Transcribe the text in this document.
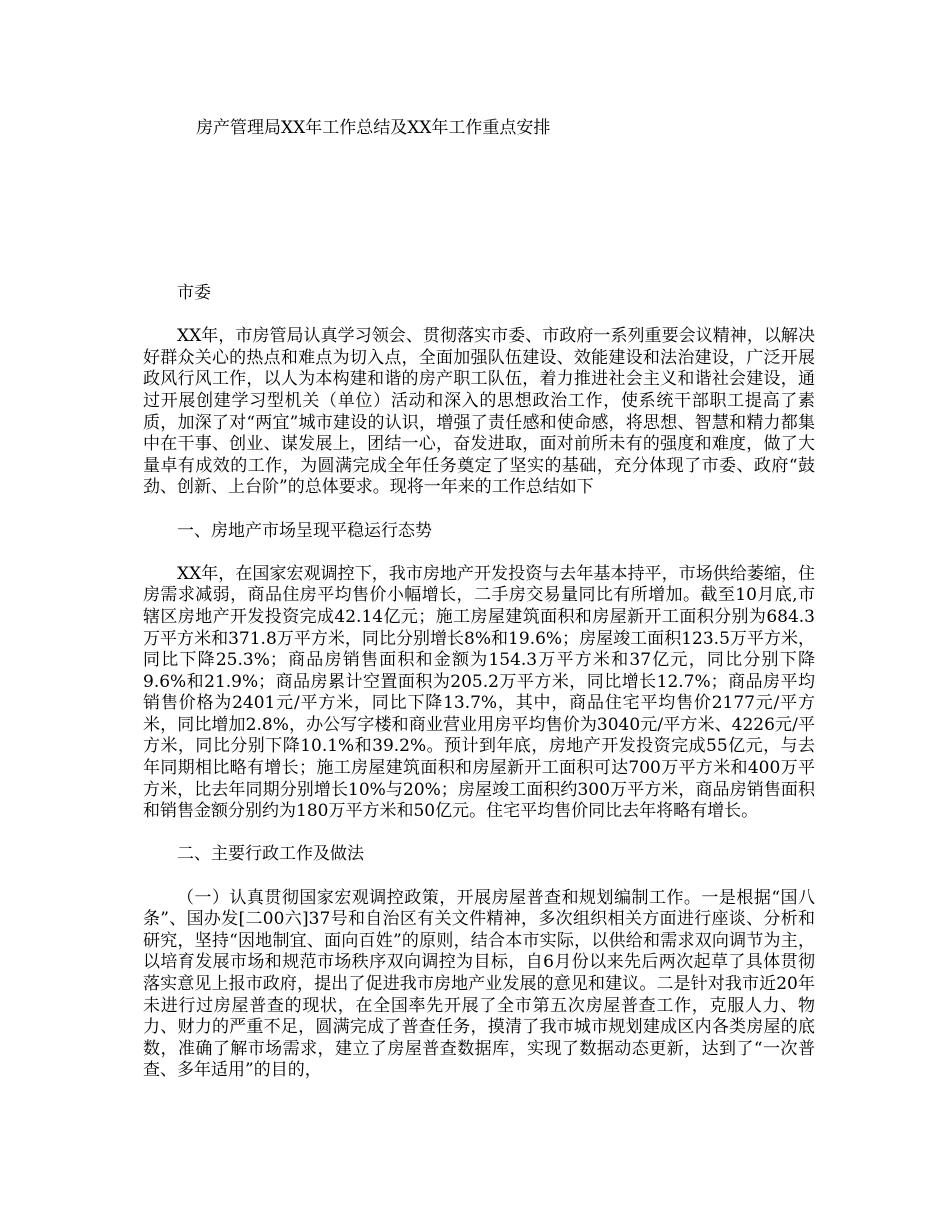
房产管理局XX年工作总结及XX年工作重点安排

市委

XX年，市房管局认真学习领会、贯彻落实市委、市政府一系列重要会议精神，以解决好群众关心的热点和难点为切入点，全面加强队伍建设、效能建设和法治建设，广泛开展政风行风工作，以人为本构建和谐的房产职工队伍，着力推进社会主义和谐社会建设，通过开展创建学习型机关（单位）活动和深入的思想政治工作，使系统干部职工提高了素质，加深了对“两宜”城市建设的认识，增强了责任感和使命感，将思想、智慧和精力都集中在干事、创业、谋发展上，团结一心，奋发进取，面对前所未有的强度和难度，做了大量卓有成效的工作，为圆满完成全年任务奠定了坚实的基础，充分体现了市委、政府“鼓劲、创新、上台阶”的总体要求。现将一年来的工作总结如下

一、房地产市场呈现平稳运行态势

XX年，在国家宏观调控下，我市房地产开发投资与去年基本持平，市场供给萎缩，住房需求减弱，商品住房平均售价小幅增长，二手房交易量同比有所增加。截至10月底,市辖区房地产开发投资完成42.14亿元；施工房屋建筑面积和房屋新开工面积分别为684.3万平方米和371.8万平方米，同比分别增长8%和19.6%；房屋竣工面积123.5万平方米，同比下降25.3%；商品房销售面积和金额为154.3万平方米和37亿元，同比分别下降9.6%和21.9%；商品房累计空置面积为205.2万平方米，同比增长12.7%；商品房平均销售价格为2401元/平方米，同比下降13.7%，其中，商品住宅平均售价2177元/平方米，同比增加2.8%，办公写字楼和商业营业用房平均售价为3040元/平方米、4226元/平方米，同比分别下降10.1%和39.2%。预计到年底，房地产开发投资完成55亿元，与去年同期相比略有增长；施工房屋建筑面积和房屋新开工面积可达700万平方米和400万平方米，比去年同期分别增长10%与20%；房屋竣工面积约300万平方米，商品房销售面积和销售金额分别约为180万平方米和50亿元。住宅平均售价同比去年将略有增长。

二、主要行政工作及做法

（一）认真贯彻国家宏观调控政策，开展房屋普查和规划编制工作。一是根据“国八条”、国办发[二00六]37号和自治区有关文件精神，多次组织相关方面进行座谈、分析和研究，坚持“因地制宜、面向百姓”的原则，结合本市实际，以供给和需求双向调节为主，以培育发展市场和规范市场秩序双向调控为目标，自6月份以来先后两次起草了具体贯彻落实意见上报市政府，提出了促进我市房地产业发展的意见和建议。二是针对我市近20年未进行过房屋普查的现状，在全国率先开展了全市第五次房屋普查工作，克服人力、物力、财力的严重不足，圆满完成了普查任务，摸清了我市城市规划建成区内各类房屋的底数，准确了解市场需求，建立了房屋普查数据库，实现了数据动态更新，达到了“一次普查、多年适用”的目的，
